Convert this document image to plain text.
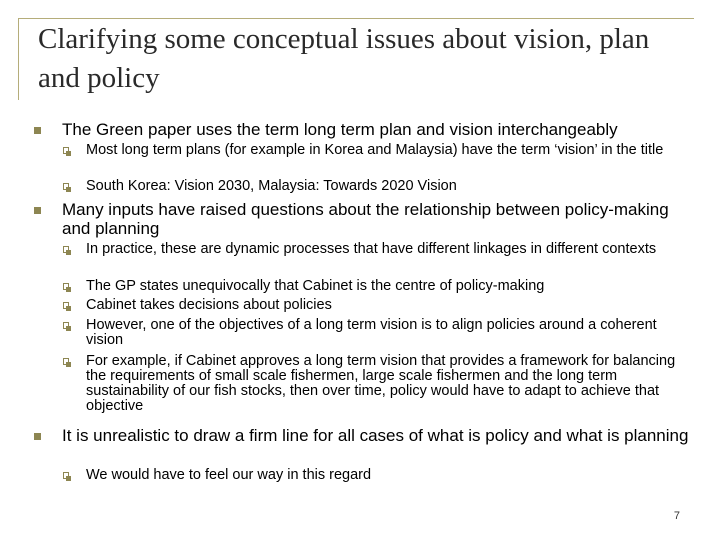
Clarifying some conceptual issues about vision, plan and policy
The Green paper uses the term long term plan and vision interchangeably
Most long term plans (for example in Korea and Malaysia) have the term ‘vision’ in the title
South Korea: Vision 2030, Malaysia: Towards 2020 Vision
Many inputs have raised questions about the relationship between policy-making and planning
In practice, these are dynamic processes that have different linkages in different contexts
The GP states unequivocally that Cabinet is the centre of policy-making
Cabinet takes decisions about policies
However, one of the objectives of a long term vision is to align policies around a coherent vision
For example, if Cabinet approves a long term vision that provides a framework for balancing the requirements of small scale fishermen, large scale fishermen and the long term sustainability of our fish stocks, then over time, policy would have to adapt to achieve that objective
It is unrealistic to draw a firm line for all cases of what is policy and what is planning
We would have to feel our way in this regard
7
